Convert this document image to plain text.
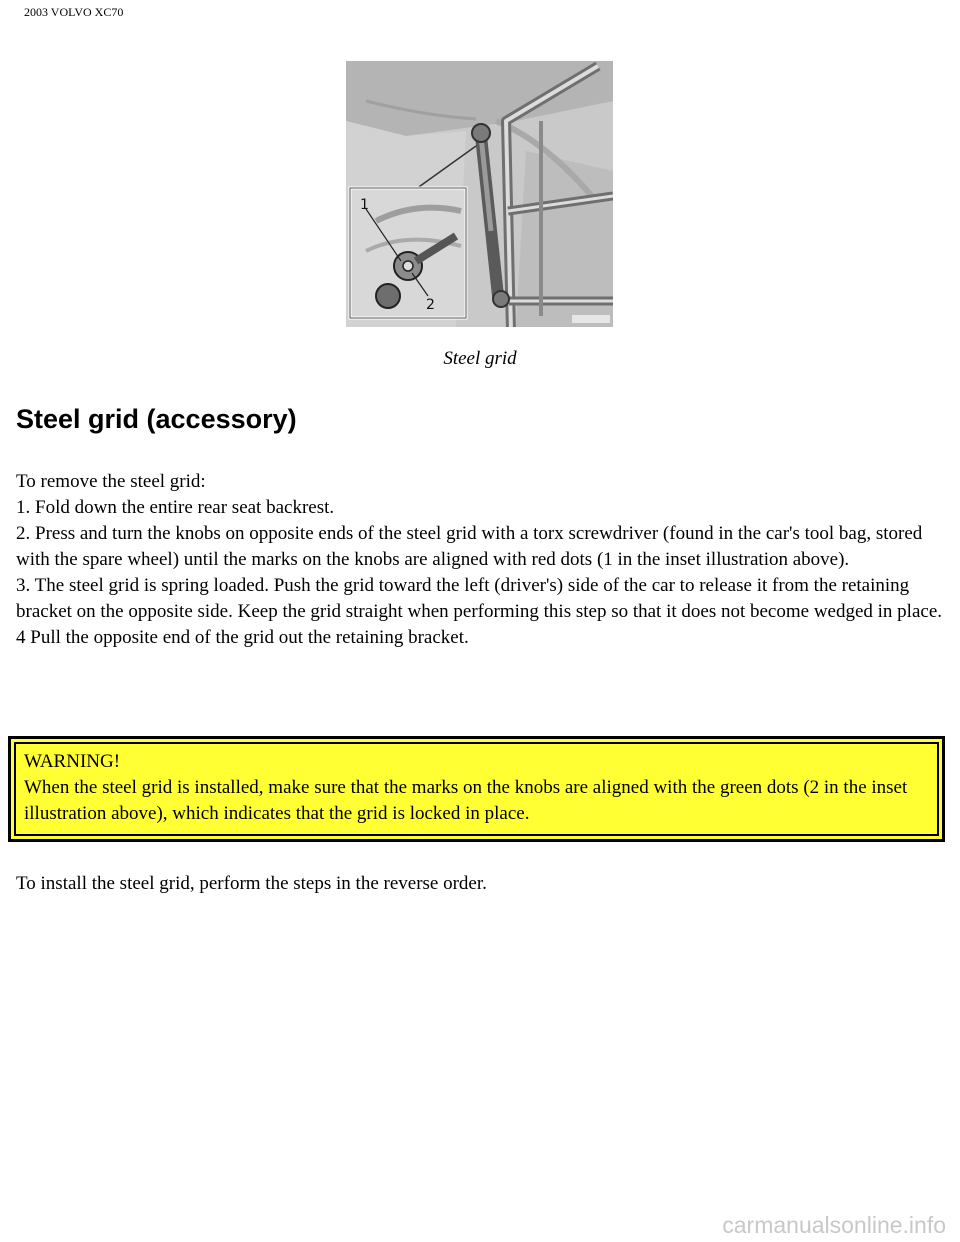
2003 VOLVO XC70
1
2
Steel grid
Steel grid (accessory)

To remove the steel grid:

1. Fold down the entire rear seat backrest.

2. Press and turn the knobs on opposite ends of the steel grid with a torx screwdriver (found in the car's tool bag, stored with the spare wheel) until the marks on the knobs are aligned with red dots (1 in the inset illustration above).

3. The steel grid is spring loaded. Push the grid toward the left (driver's) side of the car to release it from the retaining bracket on the opposite side. Keep the grid straight when performing this step so that it does not become wedged in place.

4 Pull the opposite end of the grid out the retaining bracket.

WARNING!

When the steel grid is installed, make sure that the marks on the knobs are aligned with the green dots (2 in the inset illustration above), which indicates that the grid is locked in place.

To install the steel grid, perform the steps in the reverse order.

carmanualsonline.info
